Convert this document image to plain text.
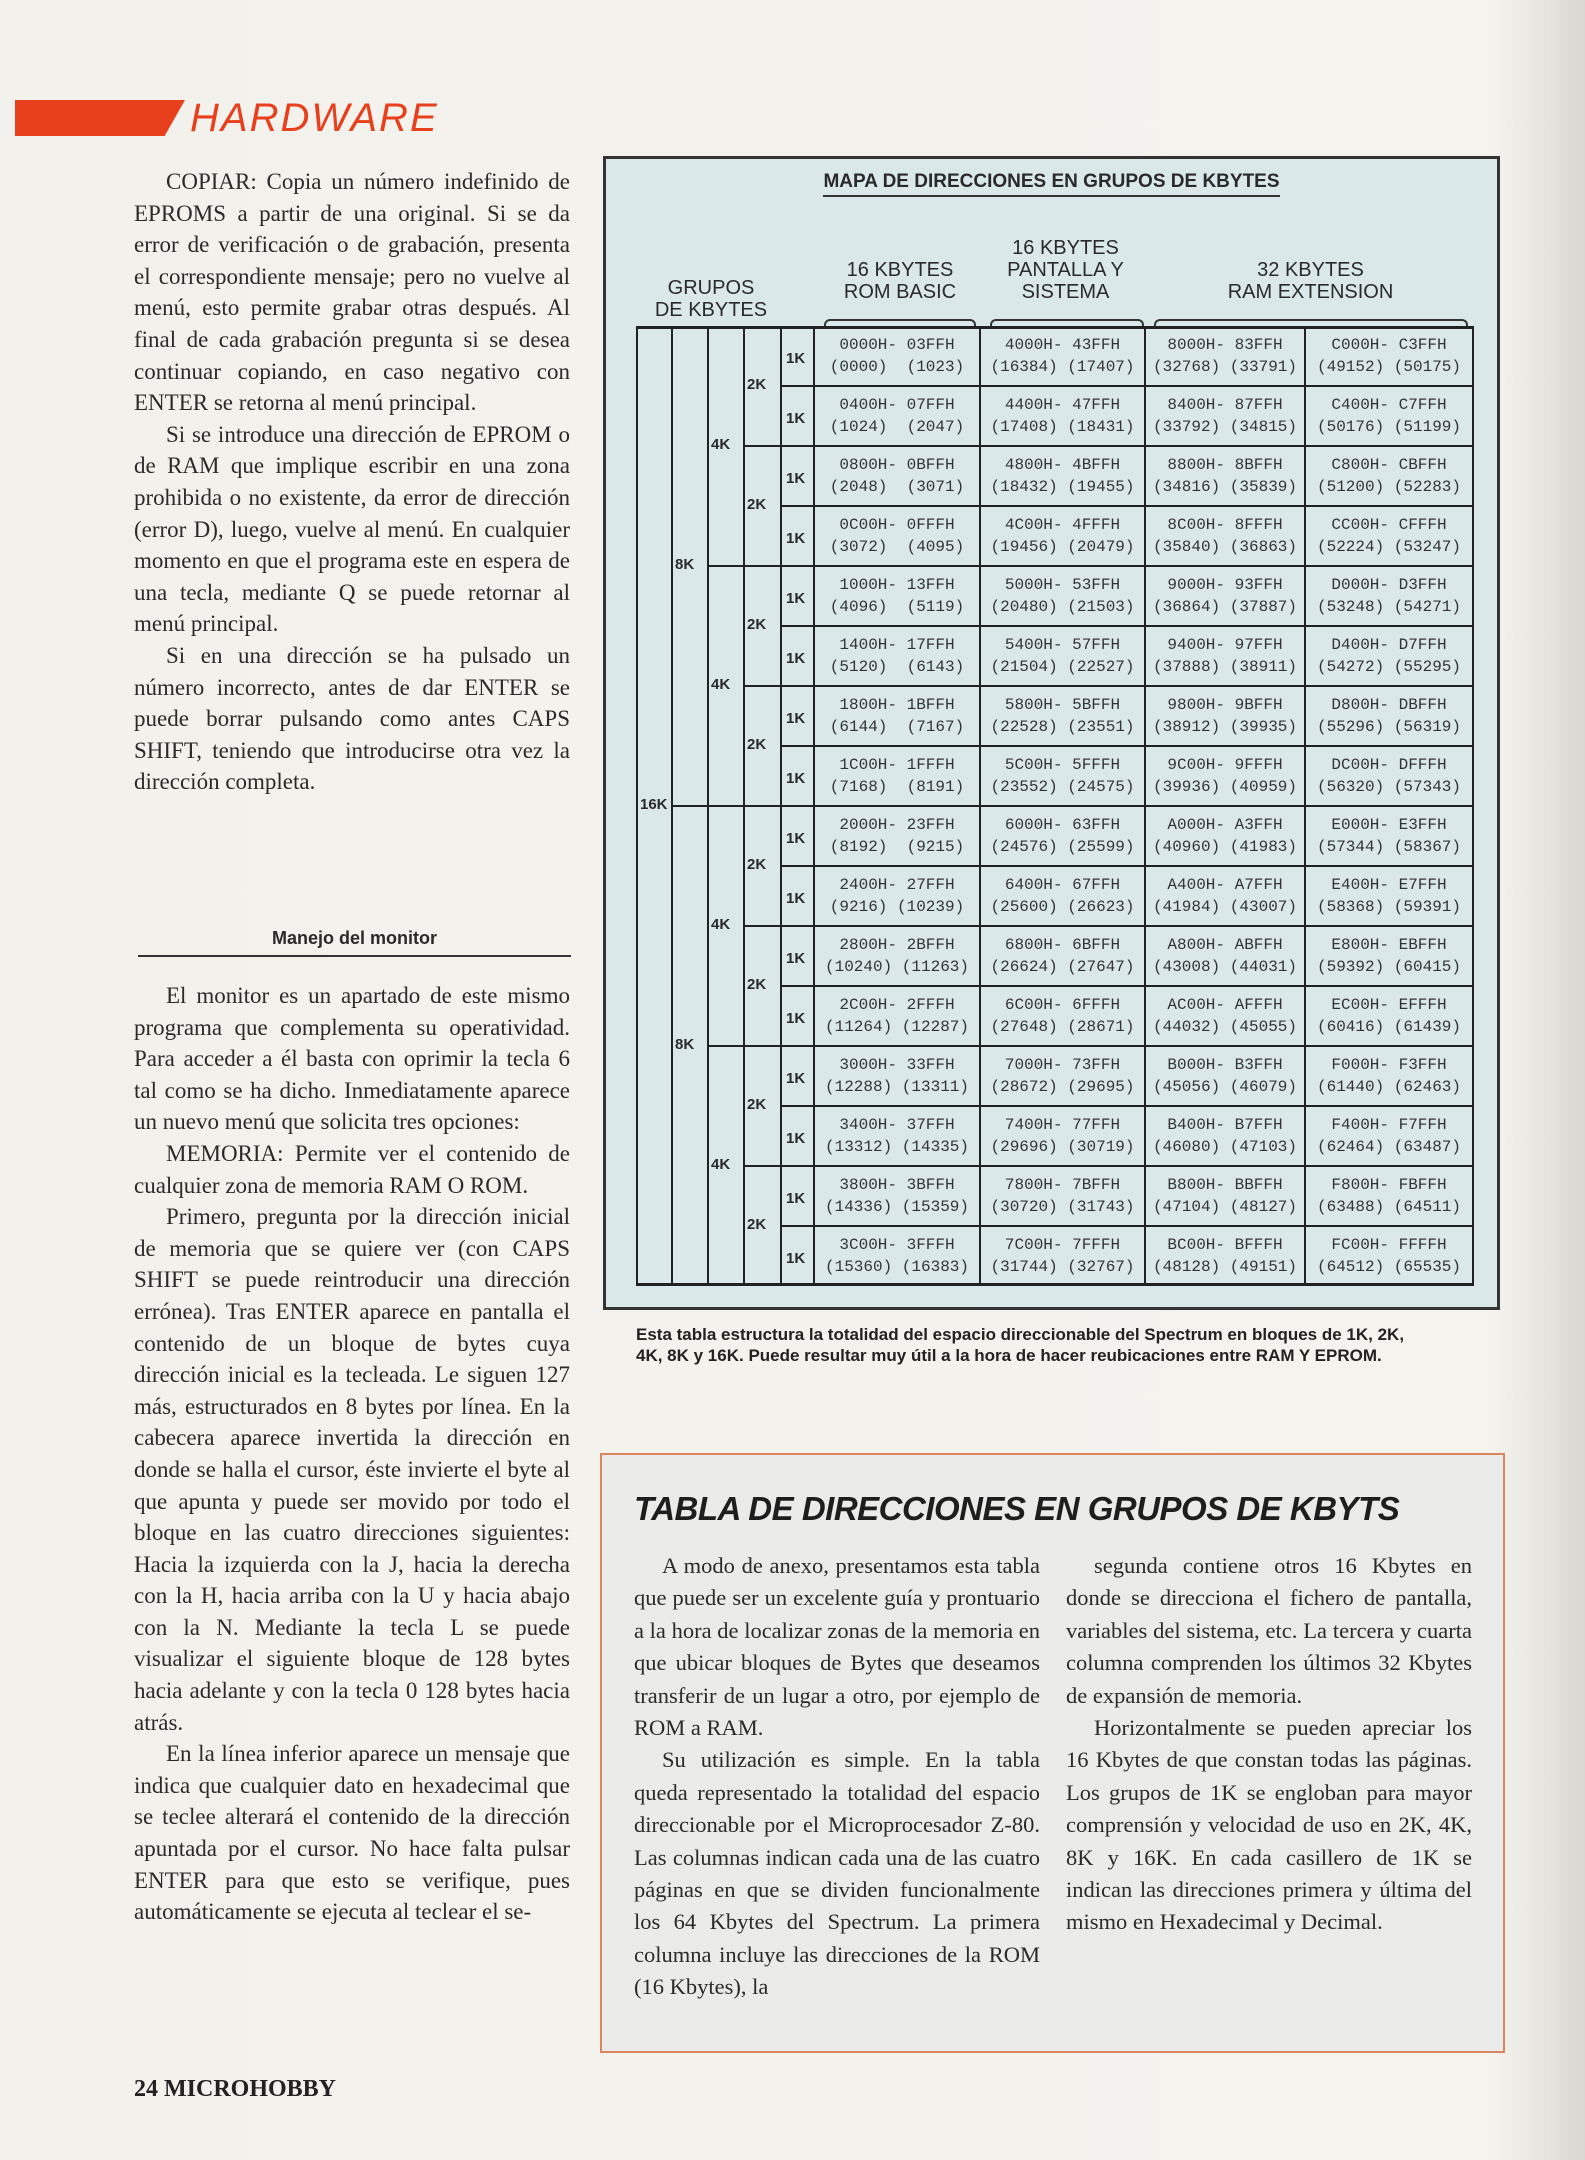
HARDWARE

COPIAR: Copia un número indefinido de EPROMS a partir de una original. Si se da error de verificación o de grabación, presenta el correspondiente mensaje; pero no vuelve al menú, esto permite grabar otras después. Al final de cada grabación pregunta si se desea continuar copiando, en caso negativo con ENTER se retorna al menú principal.

Si se introduce una dirección de EPROM o de RAM que implique escribir en una zona prohibida o no existente, da error de dirección (error D), luego, vuelve al menú. En cualquier momento en que el programa este en espera de una tecla, mediante Q se puede retornar al menú principal.

Si en una dirección se ha pulsado un número incorrecto, antes de dar ENTER se puede borrar pulsando como antes CAPS SHIFT, teniendo que introducirse otra vez la dirección completa.

Manejo del monitor

El monitor es un apartado de este mismo programa que complementa su operatividad. Para acceder a él basta con oprimir la tecla 6 tal como se ha dicho. Inmediatamente aparece un nuevo menú que solicita tres opciones:

MEMORIA: Permite ver el contenido de cualquier zona de memoria RAM O ROM.

Primero, pregunta por la dirección inicial de memoria que se quiere ver (con CAPS SHIFT se puede reintroducir una dirección errónea). Tras ENTER aparece en pantalla el contenido de un bloque de bytes cuya dirección inicial es la tecleada. Le siguen 127 más, estructurados en 8 bytes por línea. En la cabecera aparece invertida la dirección en donde se halla el cursor, éste invierte el byte al que apunta y puede ser movido por todo el bloque en las cuatro direcciones siguientes: Hacia la izquierda con la J, hacia la derecha con la H, hacia arriba con la U y hacia abajo con la N. Mediante la tecla L se puede visualizar el siguiente bloque de 128 bytes hacia adelante y con la tecla 0 128 bytes hacia atrás.

En la línea inferior aparece un mensaje que indica que cualquier dato en hexadecimal que se teclee alterará el contenido de la dirección apuntada por el cursor. No hace falta pulsar ENTER para que esto se verifique, pues automáticamente se ejecuta al teclear el se-

24 MICROHOBBY
MAPA DE DIRECCIONES EN GRUPOS DE KBYTES
GRUPOS
DE KBYTES
16 KBYTES
ROM BASIC
16 KBYTES
PANTALLA Y
SISTEMA
32 KBYTES
RAM EXTENSION
2K
4K
2K
8K
2K
4K
2K
16K
2K
4K
2K
8K
2K
4K
2K
1K
0000H- 03FFH
(0000)  (1023)
4000H- 43FFH
(16384) (17407)
8000H- 83FFH
(32768) (33791)
C000H- C3FFH
(49152) (50175)
1K
0400H- 07FFH
(1024)  (2047)
4400H- 47FFH
(17408) (18431)
8400H- 87FFH
(33792) (34815)
C400H- C7FFH
(50176) (51199)
1K
0800H- 0BFFH
(2048)  (3071)
4800H- 4BFFH
(18432) (19455)
8800H- 8BFFH
(34816) (35839)
C800H- CBFFH
(51200) (52283)
1K
0C00H- 0FFFH
(3072)  (4095)
4C00H- 4FFFH
(19456) (20479)
8C00H- 8FFFH
(35840) (36863)
CC00H- CFFFH
(52224) (53247)
1K
1000H- 13FFH
(4096)  (5119)
5000H- 53FFH
(20480) (21503)
9000H- 93FFH
(36864) (37887)
D000H- D3FFH
(53248) (54271)
1K
1400H- 17FFH
(5120)  (6143)
5400H- 57FFH
(21504) (22527)
9400H- 97FFH
(37888) (38911)
D400H- D7FFH
(54272) (55295)
1K
1800H- 1BFFH
(6144)  (7167)
5800H- 5BFFH
(22528) (23551)
9800H- 9BFFH
(38912) (39935)
D800H- DBFFH
(55296) (56319)
1K
1C00H- 1FFFH
(7168)  (8191)
5C00H- 5FFFH
(23552) (24575)
9C00H- 9FFFH
(39936) (40959)
DC00H- DFFFH
(56320) (57343)
1K
2000H- 23FFH
(8192)  (9215)
6000H- 63FFH
(24576) (25599)
A000H- A3FFH
(40960) (41983)
E000H- E3FFH
(57344) (58367)
1K
2400H- 27FFH
(9216) (10239)
6400H- 67FFH
(25600) (26623)
A400H- A7FFH
(41984) (43007)
E400H- E7FFH
(58368) (59391)
1K
2800H- 2BFFH
(10240) (11263)
6800H- 6BFFH
(26624) (27647)
A800H- ABFFH
(43008) (44031)
E800H- EBFFH
(59392) (60415)
1K
2C00H- 2FFFH
(11264) (12287)
6C00H- 6FFFH
(27648) (28671)
AC00H- AFFFH
(44032) (45055)
EC00H- EFFFH
(60416) (61439)
1K
3000H- 33FFH
(12288) (13311)
7000H- 73FFH
(28672) (29695)
B000H- B3FFH
(45056) (46079)
F000H- F3FFH
(61440) (62463)
1K
3400H- 37FFH
(13312) (14335)
7400H- 77FFH
(29696) (30719)
B400H- B7FFH
(46080) (47103)
F400H- F7FFH
(62464) (63487)
1K
3800H- 3BFFH
(14336) (15359)
7800H- 7BFFH
(30720) (31743)
B800H- BBFFH
(47104) (48127)
F800H- FBFFH
(63488) (64511)
1K
3C00H- 3FFFH
(15360) (16383)
7C00H- 7FFFH
(31744) (32767)
BC00H- BFFFH
(48128) (49151)
FC00H- FFFFH
(64512) (65535)
Esta tabla estructura la totalidad del espacio direccionable del Spectrum en bloques de 1K, 2K, 4K, 8K y 16K. Puede resultar muy útil a la hora de hacer reubicaciones entre RAM Y EPROM.
TABLA DE DIRECCIONES EN GRUPOS DE KBYTS

A modo de anexo, presentamos esta tabla que puede ser un excelente guía y prontuario a la hora de localizar zonas de la memoria en que ubicar bloques de Bytes que deseamos transferir de un lugar a otro, por ejemplo de ROM a RAM.

Su utilización es simple. En la tabla queda representado la totalidad del espacio direccionable por el Microprocesador Z-80. Las columnas indican cada una de las cuatro páginas en que se dividen funcionalmente los 64 Kbytes del Spectrum. La primera columna incluye las direcciones de la ROM (16 Kbytes), la

segunda contiene otros 16 Kbytes en donde se direcciona el fichero de pantalla, variables del sistema, etc. La tercera y cuarta columna comprenden los últimos 32 Kbytes de expansión de memoria.

Horizontalmente se pueden apreciar los 16 Kbytes de que constan todas las páginas. Los grupos de 1K se engloban para mayor comprensión y velocidad de uso en 2K, 4K, 8K y 16K. En cada casillero de 1K se indican las direcciones primera y última del mismo en Hexadecimal y Decimal.
